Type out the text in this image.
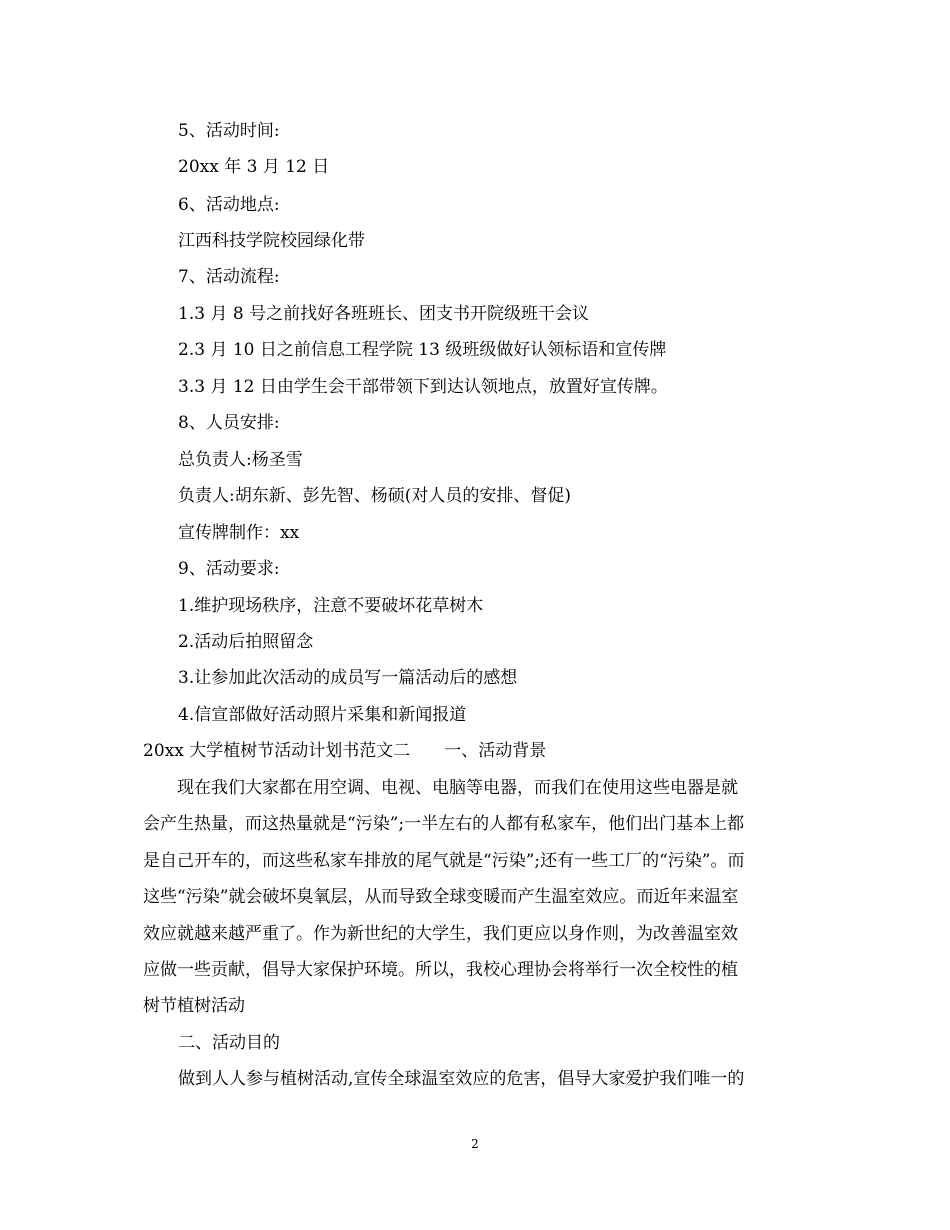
5、活动时间:
20xx 年 3 月 12 日
6、活动地点:
江西科技学院校园绿化带
7、活动流程:
1.3 月 8 号之前找好各班班长、团支书开院级班干会议
2.3 月 10 日之前信息工程学院 13 级班级做好认领标语和宣传牌
3.3 月 12 日由学生会干部带领下到达认领地点，放置好宣传牌。
8、人员安排:
总负责人:杨圣雪
负责人:胡东新、彭先智、杨硕(对人员的安排、督促)
宣传牌制作：xx
9、活动要求:
1.维护现场秩序，注意不要破坏花草树木
2.活动后拍照留念
3.让参加此次活动的成员写一篇活动后的感想
4.信宣部做好活动照片采集和新闻报道
20xx 大学植树节活动计划书范文二　　一、活动背景
　　现在我们大家都在用空调、电视、电脑等电器，而我们在使用这些电器是就
会产生热量，而这热量就是“污染”;一半左右的人都有私家车，他们出门基本上都
是自己开车的，而这些私家车排放的尾气就是“污染”;还有一些工厂的“污染”。而
这些“污染”就会破坏臭氧层，从而导致全球变暖而产生温室效应。而近年来温室
效应就越来越严重了。作为新世纪的大学生，我们更应以身作则，为改善温室效
应做一些贡献，倡导大家保护环境。所以，我校心理协会将举行一次全校性的植
树节植树活动
二、活动目的
做到人人参与植树活动,宣传全球温室效应的危害，倡导大家爱护我们唯一的
2
